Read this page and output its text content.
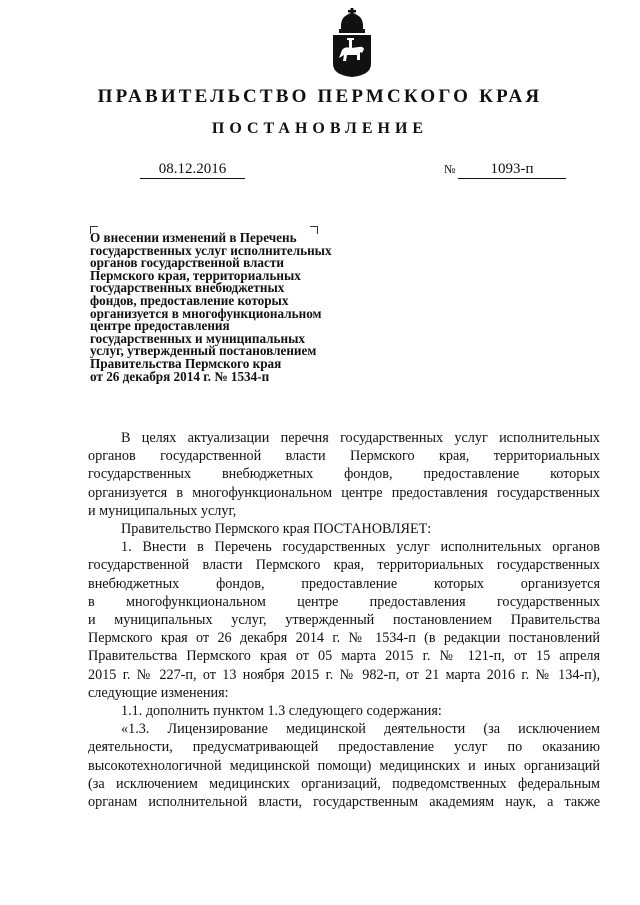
ПРАВИТЕЛЬСТВО ПЕРМСКОГО КРАЯ
ПОСТАНОВЛЕНИЕ
08.12.2016	№	1093-п
О внесении изменений в Перечень
государственных услуг исполнительных
органов государственной власти
Пермского края, территориальных
государственных внебюджетных
фондов, предоставление которых
организуется в многофункциональном
центре предоставления
государственных и муниципальных
услуг, утвержденный постановлением
Правительства Пермского края
от 26 декабря 2014 г. № 1534-п

В целях актуализации перечня государственных услуг исполнительных

органов государственной власти Пермского края, территориальных

государственных внебюджетных фондов, предоставление которых

организуется в многофункциональном центре предоставления государственных

и муниципальных услуг,

Правительство Пермского края ПОСТАНОВЛЯЕТ:

1. Внести в Перечень государственных услуг исполнительных органов

государственной власти Пермского края, территориальных государственных

внебюджетных фондов, предоставление которых организуется

в многофункциональном центре предоставления государственных

и муниципальных услуг, утвержденный постановлением Правительства

Пермского края от 26 декабря 2014 г. № 1534-п (в редакции постановлений

Правительства Пермского края от 05 марта 2015 г. № 121-п, от 15 апреля

2015 г. № 227-п, от 13 ноября 2015 г. № 982-п, от 21 марта 2016 г. № 134-п),

следующие изменения:

1.1. дополнить пунктом 1.3 следующего содержания:

«1.3. Лицензирование медицинской деятельности (за исключением

деятельности, предусматривающей предоставление услуг по оказанию

высокотехнологичной медицинской помощи) медицинских и иных организаций

(за исключением медицинских организаций, подведомственных федеральным

органам исполнительной власти, государственным академиям наук, а также
